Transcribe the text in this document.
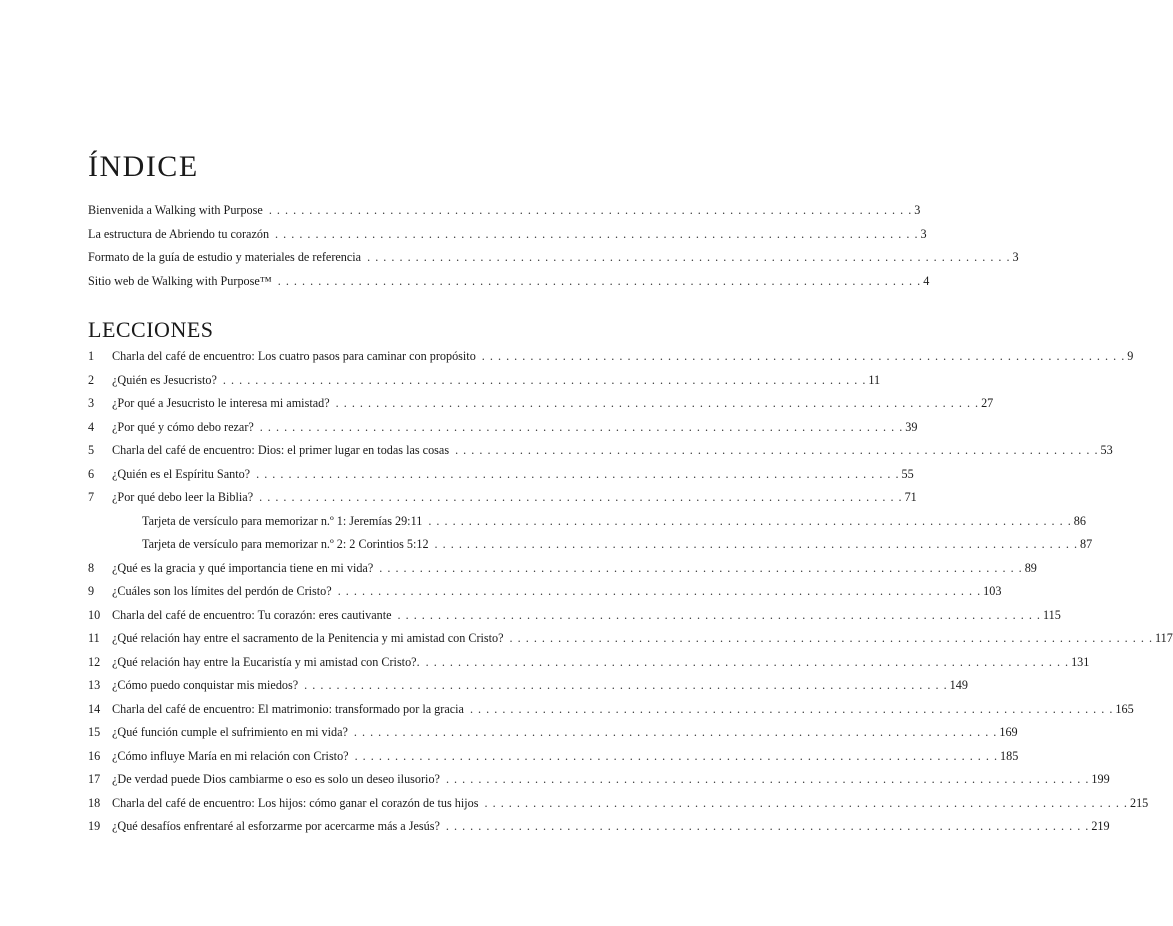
ÍNDICE
Bienvenida a Walking with Purpose . . .	3
La estructura de Abriendo tu corazón . . .	3
Formato de la guía de estudio y materiales de referencia . . .	3
Sitio web de Walking with Purpose™ . . .	4
LECCIONES
1	Charla del café de encuentro: Los cuatro pasos para caminar con propósito . . .	9
2	¿Quién es Jesucristo? . . .	11
3	¿Por qué a Jesucristo le interesa mi amistad? . . .	27
4	¿Por qué y cómo debo rezar? . . .	39
5	Charla del café de encuentro: Dios: el primer lugar en todas las cosas . . .	53
6	¿Quién es el Espíritu Santo? . . .	55
7	¿Por qué debo leer la Biblia? . . .	71
Tarjeta de versículo para memorizar n.º 1: Jeremías 29:11 . . .	86
Tarjeta de versículo para memorizar n.º 2: 2 Corintios 5:12 . . .	87
8	¿Qué es la gracia y qué importancia tiene en mi vida? . . .	89
9	¿Cuáles son los límites del perdón de Cristo? . . .	103
10 Charla del café de encuentro: Tu corazón: eres cautivante . . .	115
11	¿Qué relación hay entre el sacramento de la Penitencia y mi amistad con Cristo? . . .	117
12 ¿Qué relación hay entre la Eucaristía y mi amistad con Cristo?. . . .	131
13 ¿Cómo puedo conquistar mis miedos? . . .	149
14 Charla del café de encuentro: El matrimonio: transformado por la gracia . . .	165
15 ¿Qué función cumple el sufrimiento en mi vida? . . .	169
16 ¿Cómo influye María en mi relación con Cristo? . . .	185
17 ¿De verdad puede Dios cambiarme o eso es solo un deseo ilusorio? . . .	199
18 Charla del café de encuentro: Los hijos: cómo ganar el corazón de tus hijos . . .	215
19 ¿Qué desafíos enfrentaré al esforzarme por acercarme más a Jesús? . . .	219
